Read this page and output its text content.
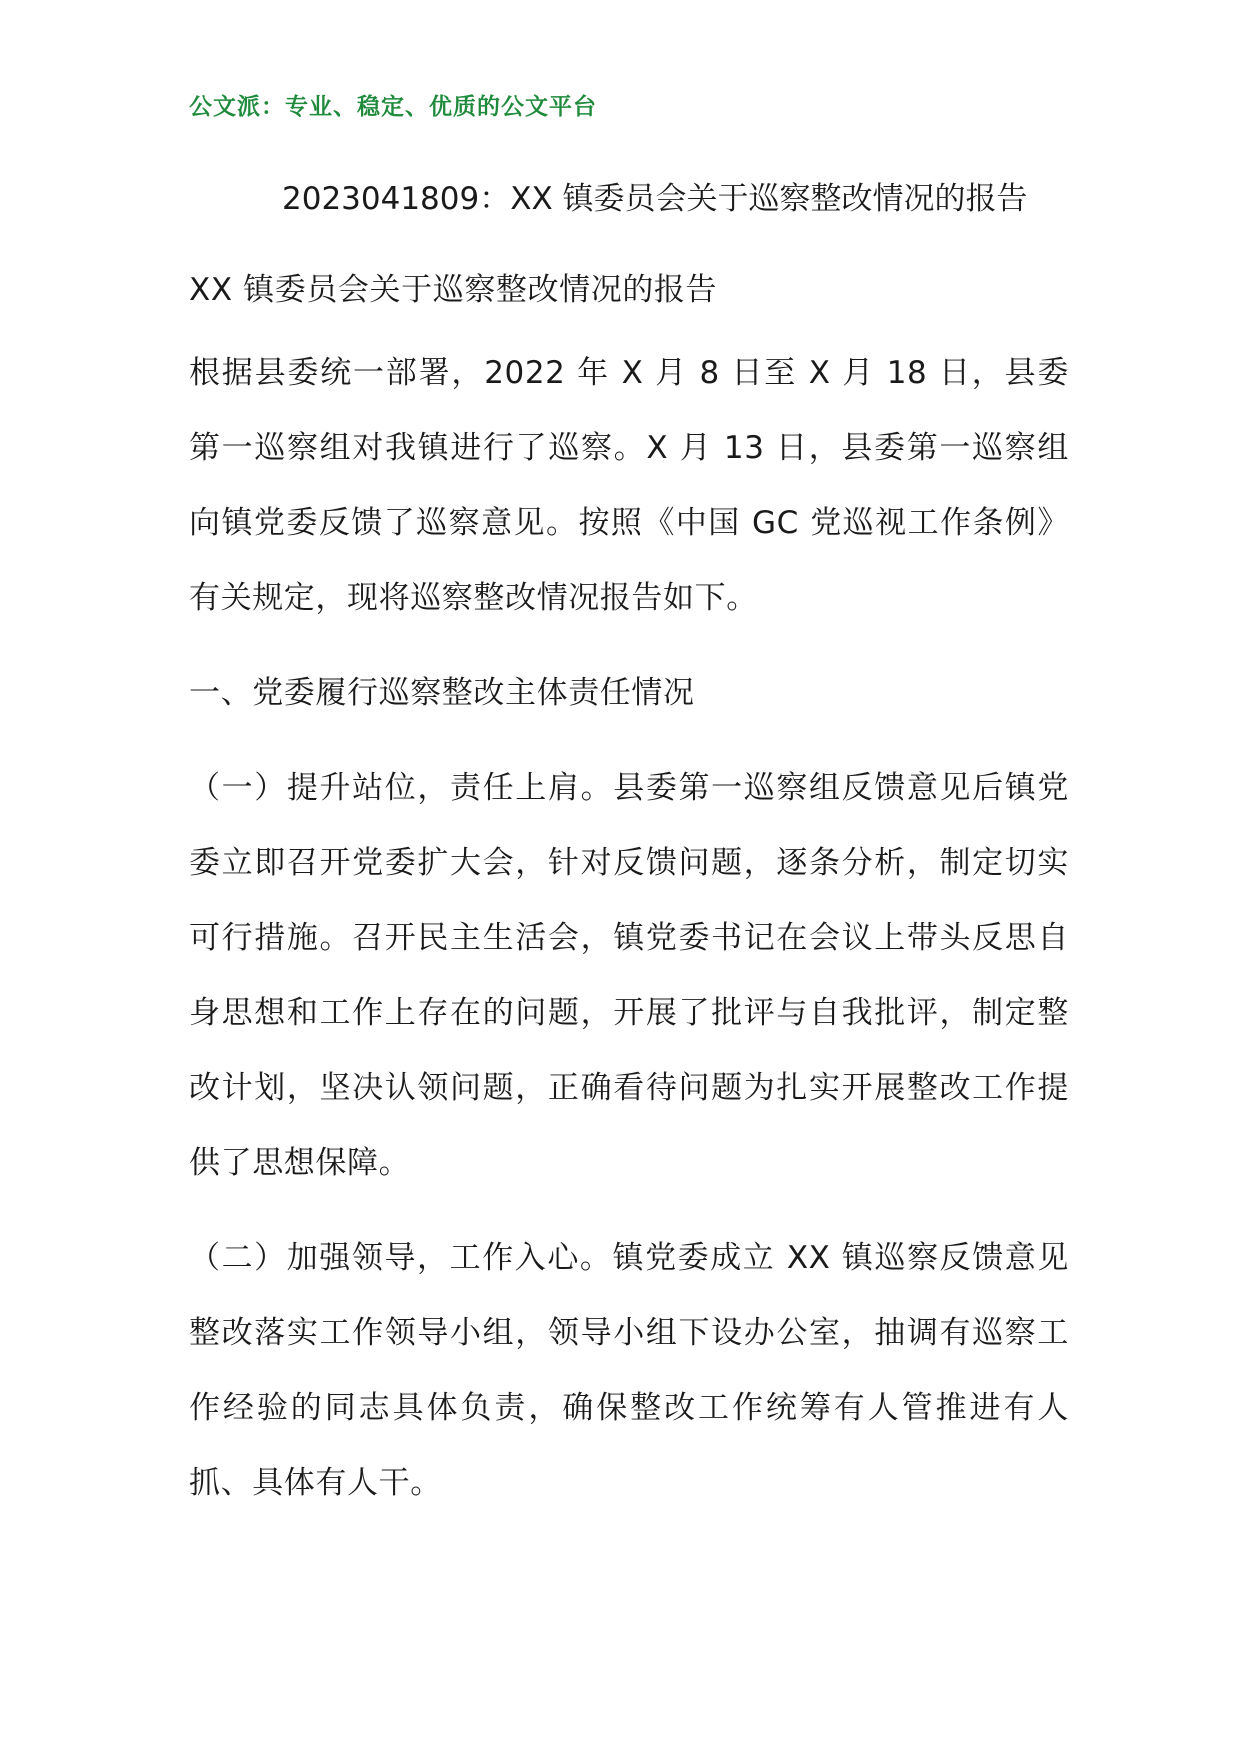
公文派：专业、稳定、优质的公文平台
2023041809：XX 镇委员会关于巡察整改情况的报告

XX 镇委员会关于巡察整改情况的报告

根据县委统一部署，2022 年 X 月 8 日至 X 月 18 日，县委第一巡察组对我镇进行了巡察。X 月 13 日，县委第一巡察组向镇党委反馈了巡察意见。按照《中国 GC 党巡视工作条例》有关规定，现将巡察整改情况报告如下。

一、党委履行巡察整改主体责任情况

（一）提升站位，责任上肩。县委第一巡察组反馈意见后镇党委立即召开党委扩大会，针对反馈问题，逐条分析，制定切实可行措施。召开民主生活会，镇党委书记在会议上带头反思自身思想和工作上存在的问题，开展了批评与自我批评，制定整改计划，坚决认领问题，正确看待问题为扎实开展整改工作提供了思想保障。

（二）加强领导，工作入心。镇党委成立 XX 镇巡察反馈意见整改落实工作领导小组，领导小组下设办公室，抽调有巡察工作经验的同志具体负责，确保整改工作统筹有人管推进有人抓、具体有人干。
